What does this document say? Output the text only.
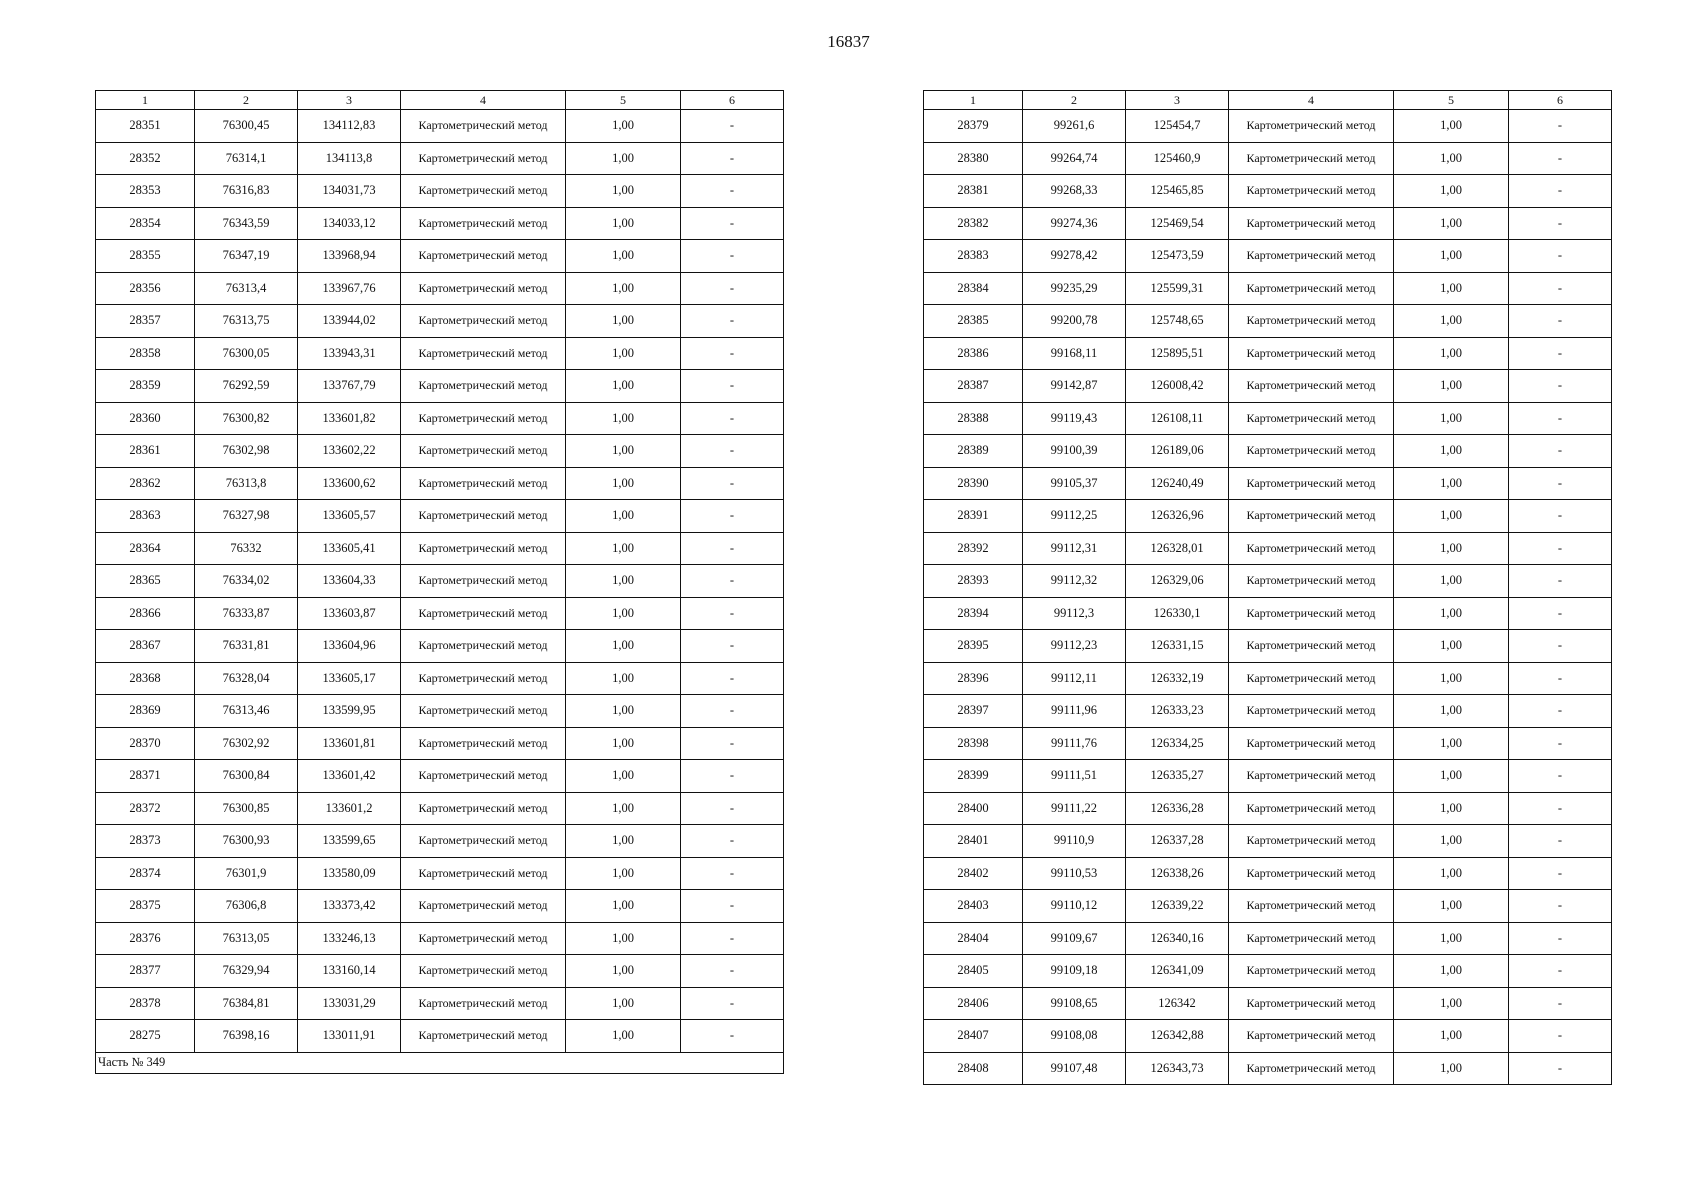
16837
1	2	3	4	5	6
28351	76300,45	134112,83	Картометрический метод	1,00	-
28352	76314,1	134113,8	Картометрический метод	1,00	-
28353	76316,83	134031,73	Картометрический метод	1,00	-
28354	76343,59	134033,12	Картометрический метод	1,00	-
28355	76347,19	133968,94	Картометрический метод	1,00	-
28356	76313,4	133967,76	Картометрический метод	1,00	-
28357	76313,75	133944,02	Картометрический метод	1,00	-
28358	76300,05	133943,31	Картометрический метод	1,00	-
28359	76292,59	133767,79	Картометрический метод	1,00	-
28360	76300,82	133601,82	Картометрический метод	1,00	-
28361	76302,98	133602,22	Картометрический метод	1,00	-
28362	76313,8	133600,62	Картометрический метод	1,00	-
28363	76327,98	133605,57	Картометрический метод	1,00	-
28364	76332	133605,41	Картометрический метод	1,00	-
28365	76334,02	133604,33	Картометрический метод	1,00	-
28366	76333,87	133603,87	Картометрический метод	1,00	-
28367	76331,81	133604,96	Картометрический метод	1,00	-
28368	76328,04	133605,17	Картометрический метод	1,00	-
28369	76313,46	133599,95	Картометрический метод	1,00	-
28370	76302,92	133601,81	Картометрический метод	1,00	-
28371	76300,84	133601,42	Картометрический метод	1,00	-
28372	76300,85	133601,2	Картометрический метод	1,00	-
28373	76300,93	133599,65	Картометрический метод	1,00	-
28374	76301,9	133580,09	Картометрический метод	1,00	-
28375	76306,8	133373,42	Картометрический метод	1,00	-
28376	76313,05	133246,13	Картометрический метод	1,00	-
28377	76329,94	133160,14	Картометрический метод	1,00	-
28378	76384,81	133031,29	Картометрический метод	1,00	-
28275	76398,16	133011,91	Картометрический метод	1,00	-
Часть № 349					
1	2	3	4	5	6
28379	99261,6	125454,7	Картометрический метод	1,00	-
28380	99264,74	125460,9	Картометрический метод	1,00	-
28381	99268,33	125465,85	Картометрический метод	1,00	-
28382	99274,36	125469,54	Картометрический метод	1,00	-
28383	99278,42	125473,59	Картометрический метод	1,00	-
28384	99235,29	125599,31	Картометрический метод	1,00	-
28385	99200,78	125748,65	Картометрический метод	1,00	-
28386	99168,11	125895,51	Картометрический метод	1,00	-
28387	99142,87	126008,42	Картометрический метод	1,00	-
28388	99119,43	126108,11	Картометрический метод	1,00	-
28389	99100,39	126189,06	Картометрический метод	1,00	-
28390	99105,37	126240,49	Картометрический метод	1,00	-
28391	99112,25	126326,96	Картометрический метод	1,00	-
28392	99112,31	126328,01	Картометрический метод	1,00	-
28393	99112,32	126329,06	Картометрический метод	1,00	-
28394	99112,3	126330,1	Картометрический метод	1,00	-
28395	99112,23	126331,15	Картометрический метод	1,00	-
28396	99112,11	126332,19	Картометрический метод	1,00	-
28397	99111,96	126333,23	Картометрический метод	1,00	-
28398	99111,76	126334,25	Картометрический метод	1,00	-
28399	99111,51	126335,27	Картометрический метод	1,00	-
28400	99111,22	126336,28	Картометрический метод	1,00	-
28401	99110,9	126337,28	Картометрический метод	1,00	-
28402	99110,53	126338,26	Картометрический метод	1,00	-
28403	99110,12	126339,22	Картометрический метод	1,00	-
28404	99109,67	126340,16	Картометрический метод	1,00	-
28405	99109,18	126341,09	Картометрический метод	1,00	-
28406	99108,65	126342	Картометрический метод	1,00	-
28407	99108,08	126342,88	Картометрический метод	1,00	-
28408	99107,48	126343,73	Картометрический метод	1,00	-
